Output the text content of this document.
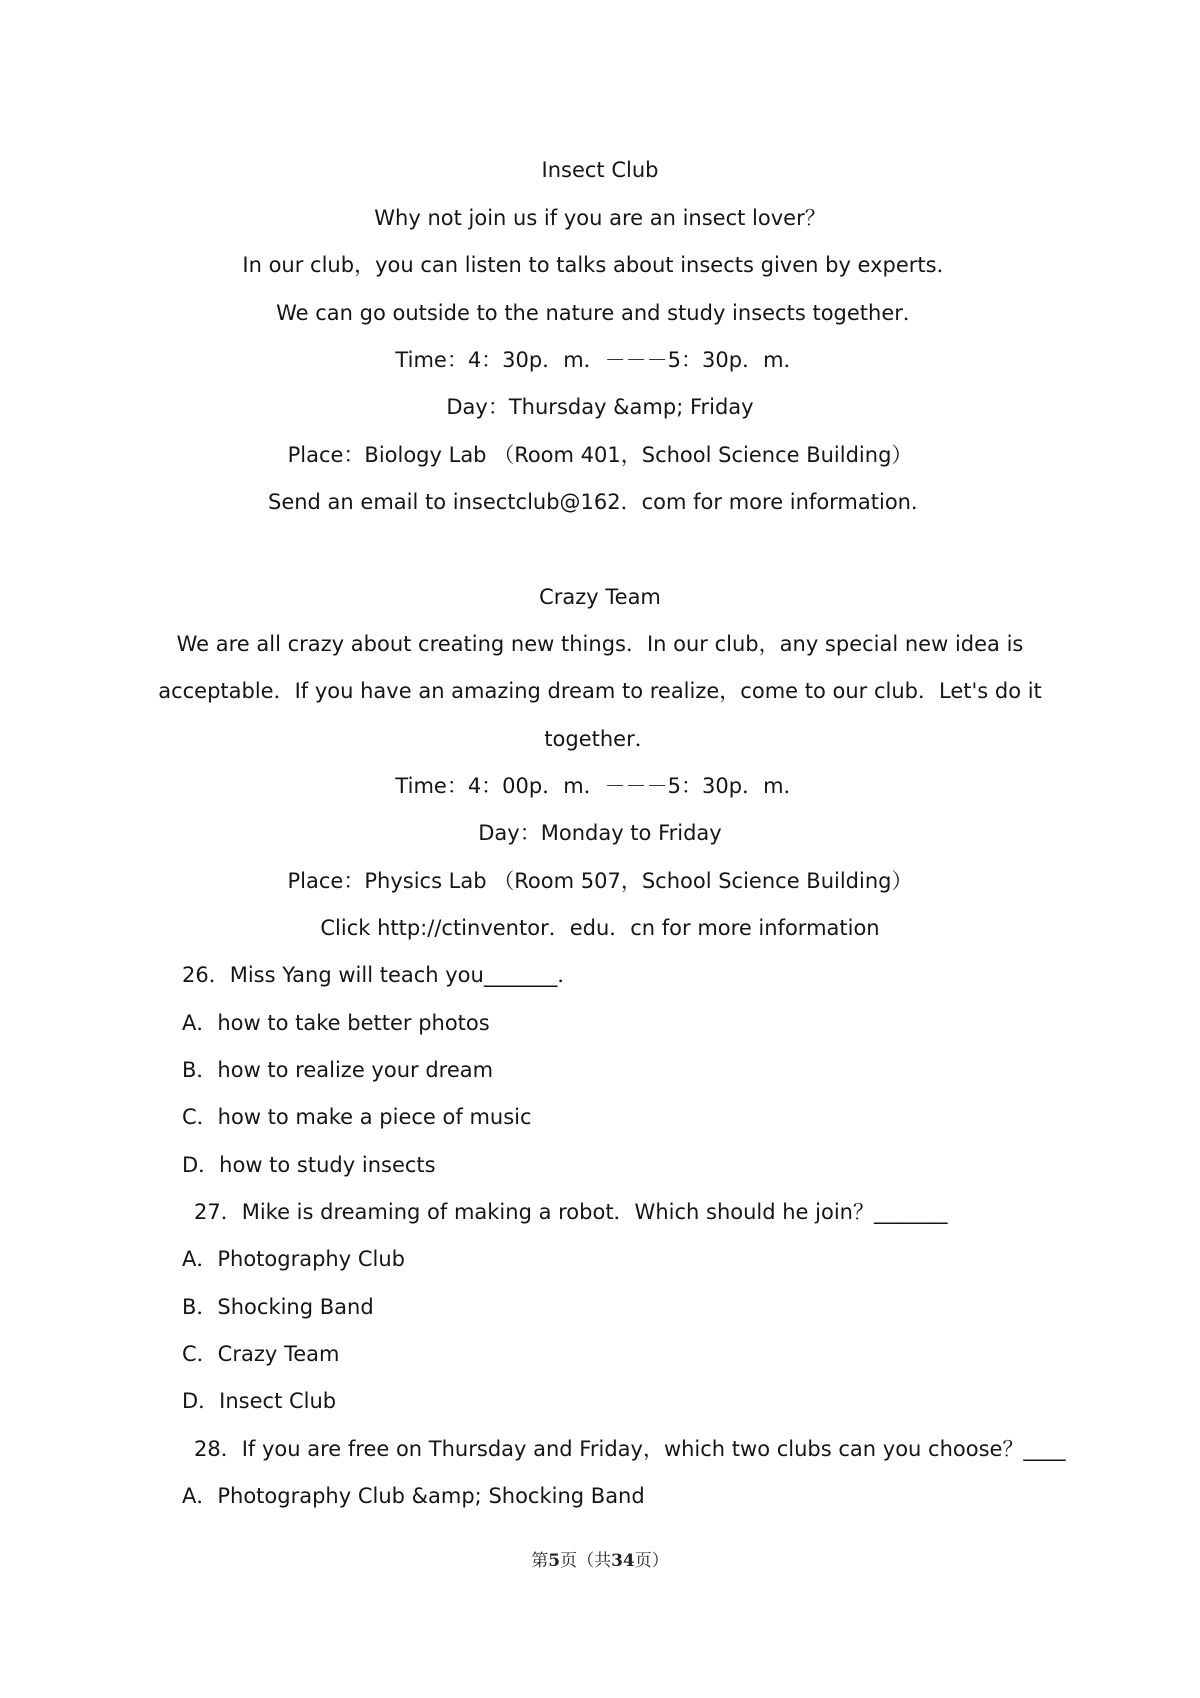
Insect Club
Why not join us if you are an insect lover？
In our club，you can listen to talks about insects given by experts．
We can go outside to the nature and study insects together．
Time：4：30p．m．－－－5：30p．m．
Day：Thursday &amp; Friday
Place：Biology Lab （Room 401，School Science Building）
Send an email to insectclub@162．com for more information．
Crazy Team
We are all crazy about creating new things．In our club，any special new idea is
acceptable．If you have an amazing dream to realize，come to our club．Let's do it
together．
Time：4：00p．m．－－－5：30p．m．
Day：Monday to Friday
Place：Physics Lab （Room 507，School Science Building）
Click http://ctinventor．edu．cn for more information
26．Miss Yang will teach you_______．
A．how to take better photos
B．how to realize your dream
C．how to make a piece of music
D．how to study insects
27．Mike is dreaming of making a robot．Which should he join？_______
A．Photography Club
B．Shocking Band
C．Crazy Team
D．Insect Club
28．If you are free on Thursday and Friday，which two clubs can you choose？____
A．Photography Club &amp; Shocking Band
第5页（共34页）
